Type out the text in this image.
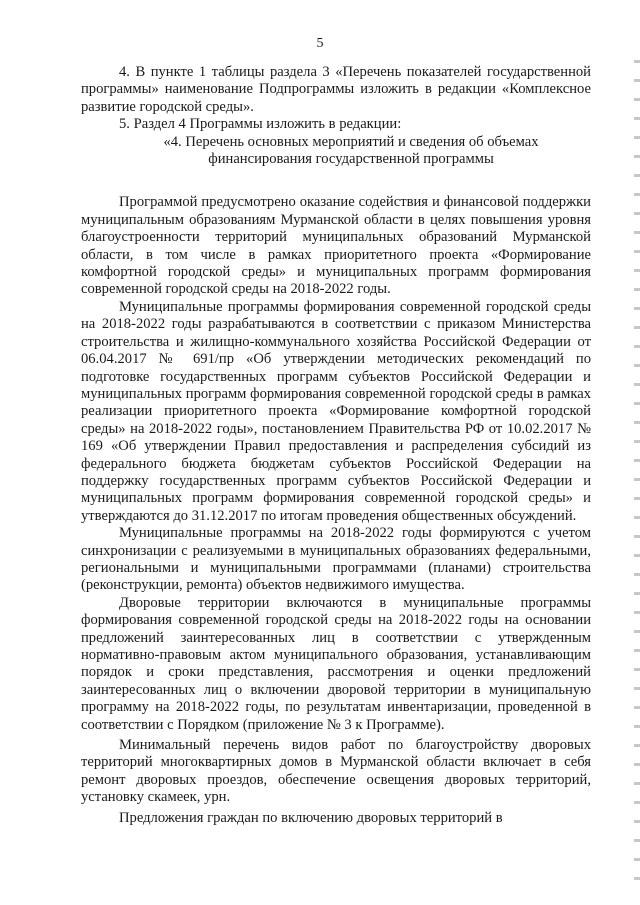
5

4. В пункте 1 таблицы раздела 3 «Перечень показателей государственной программы» наименование Подпрограммы изложить в редакции «Комплексное развитие городской среды».

5. Раздел 4 Программы изложить в редакции:

«4. Перечень основных мероприятий и сведения об объемах

финансирования государственной программы

Программой предусмотрено оказание содействия и финансовой поддержки муниципальным образованиям Мурманской области в целях повышения уровня благоустроенности территорий муниципальных образований Мурманской области, в том числе в рамках приоритетного проекта «Формирование комфортной городской среды» и муниципальных программ формирования современной городской среды на 2018-2022 годы.

Муниципальные программы формирования современной городской среды на 2018-2022 годы разрабатываются в соответствии с приказом Министерства строительства и жилищно-коммунального хозяйства Российской Федерации от 06.04.2017 № 691/пр «Об утверждении методических рекомендаций по подготовке государственных программ субъектов Российской Федерации и муниципальных программ формирования современной городской среды в рамках реализации приоритетного проекта «Формирование комфортной городской среды» на 2018-2022 годы», постановлением Правительства РФ от 10.02.2017 № 169 «Об утверждении Правил предоставления и распределения субсидий из федерального бюджета бюджетам субъектов Российской Федерации на поддержку государственных программ субъектов Российской Федерации и муниципальных программ формирования современной городской среды» и утверждаются до 31.12.2017 по итогам проведения общественных обсуждений.

Муниципальные программы на 2018-2022 годы формируются с учетом синхронизации с реализуемыми в муниципальных образованиях федеральными, региональными и муниципальными программами (планами) строительства (реконструкции, ремонта) объектов недвижимого имущества.

Дворовые территории включаются в муниципальные программы формирования современной городской среды на 2018-2022 годы на основании предложений заинтересованных лиц в соответствии с утвержденным нормативно-правовым актом муниципального образования, устанавливающим порядок и сроки представления, рассмотрения и оценки предложений заинтересованных лиц о включении дворовой территории в муниципальную программу на 2018-2022 годы, по результатам инвентаризации, проведенной в соответствии с Порядком (приложение № 3 к Программе).

Минимальный перечень видов работ по благоустройству дворовых территорий многоквартирных домов в Мурманской области включает в себя ремонт дворовых проездов, обеспечение освещения дворовых территорий, установку скамеек, урн.

Предложения граждан по включению дворовых территорий в
